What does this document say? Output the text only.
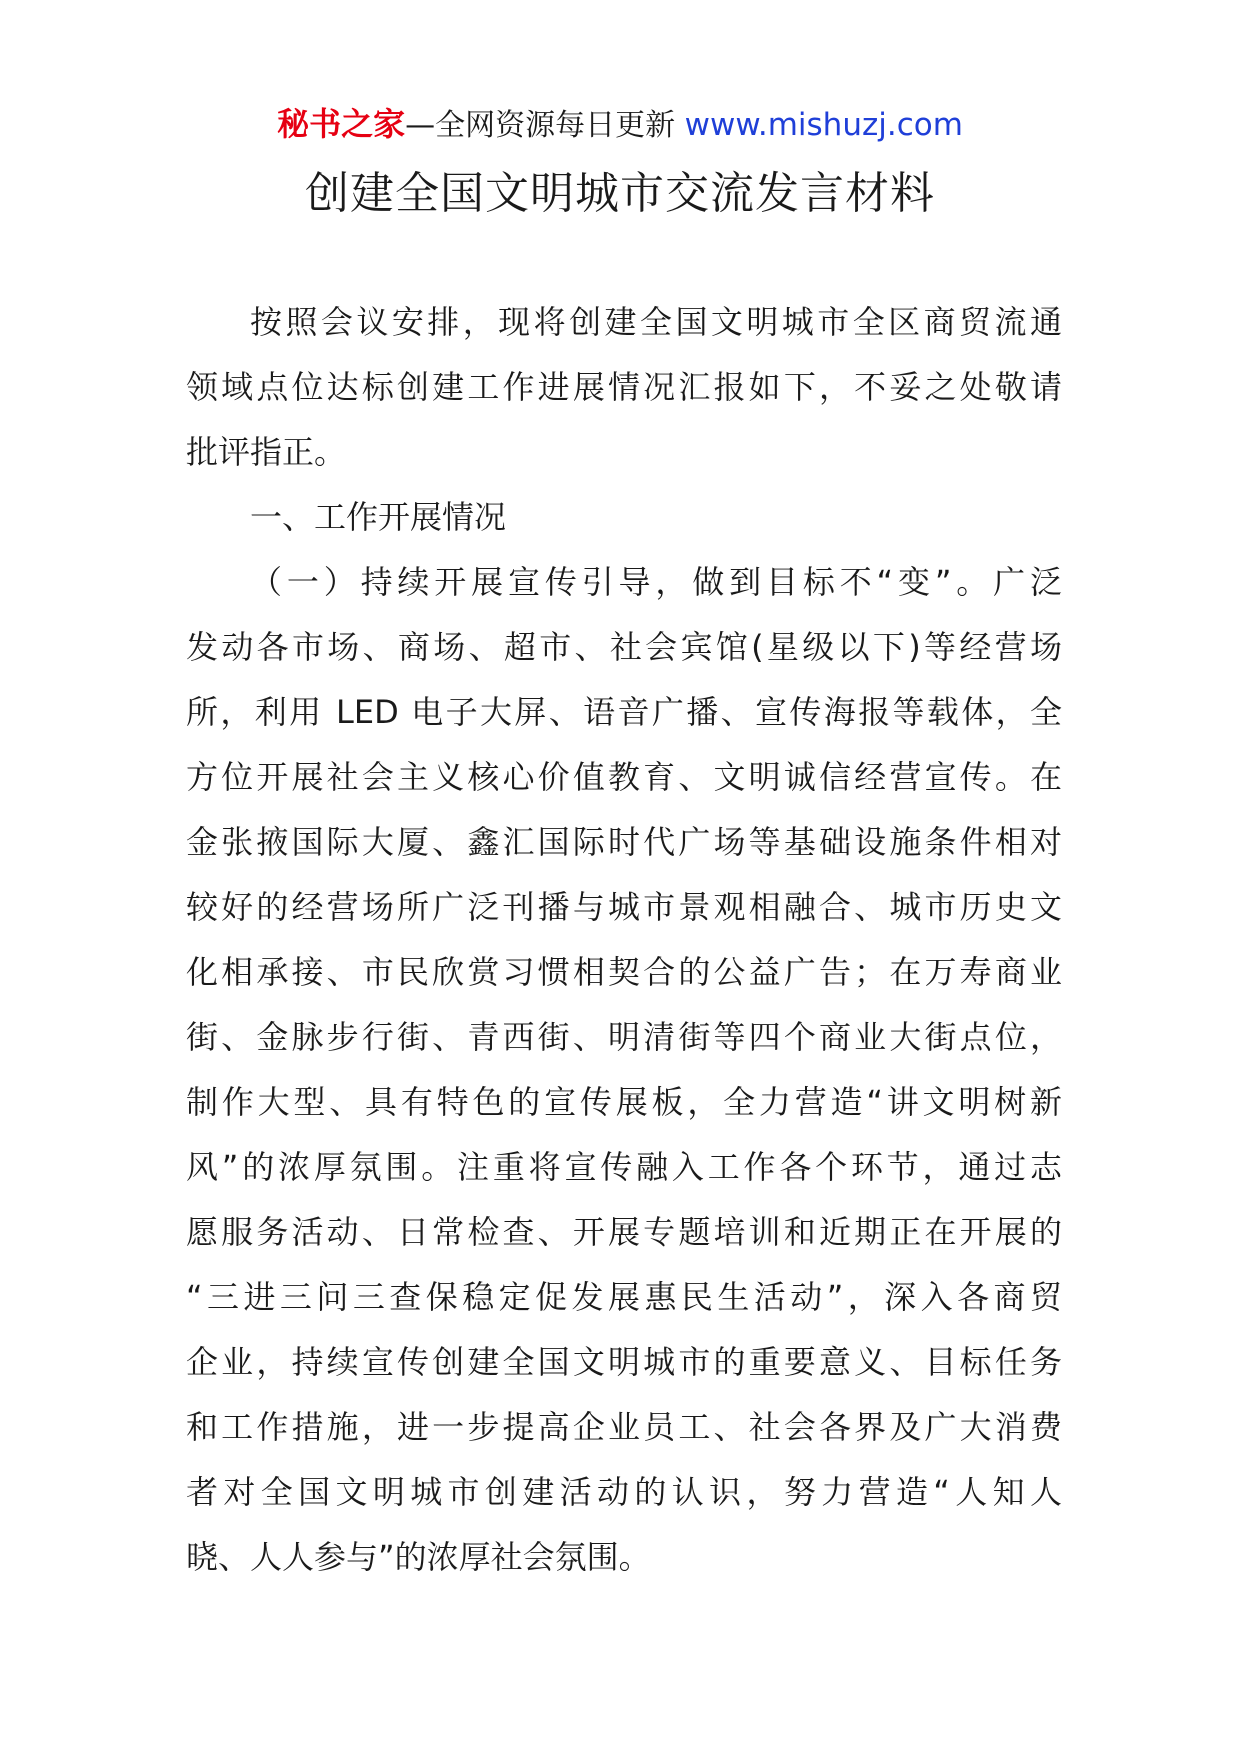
秘书之家—全网资源每日更新 www.mishuzj.com
创建全国文明城市交流发言材料
按照会议安排，现将创建全国文明城市全区商贸流通
领域点位达标创建工作进展情况汇报如下，不妥之处敬请
批评指正。
一、工作开展情况
（一）持续开展宣传引导，做到目标不“变”。广泛
发动各市场、商场、超市、社会宾馆(星级以下)等经营场
所，利用 LED 电子大屏、语音广播、宣传海报等载体，全
方位开展社会主义核心价值教育、文明诚信经营宣传。在
金张掖国际大厦、鑫汇国际时代广场等基础设施条件相对
较好的经营场所广泛刊播与城市景观相融合、城市历史文
化相承接、市民欣赏习惯相契合的公益广告；在万寿商业
街、金脉步行街、青西街、明清街等四个商业大街点位，
制作大型、具有特色的宣传展板，全力营造“讲文明树新
风”的浓厚氛围。注重将宣传融入工作各个环节，通过志
愿服务活动、日常检查、开展专题培训和近期正在开展的
“三进三问三查保稳定促发展惠民生活动”，深入各商贸
企业，持续宣传创建全国文明城市的重要意义、目标任务
和工作措施，进一步提高企业员工、社会各界及广大消费
者对全国文明城市创建活动的认识，努力营造“人知人
晓、人人参与”的浓厚社会氛围。
